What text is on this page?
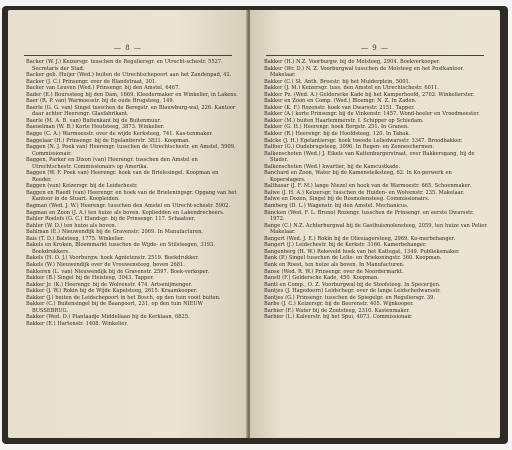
— 8 —
Backer (W. J.) Keizersgr. tusschen de Reguliersgr. en Utrecht-schestr. 5527. Secretaris der Stad.
Backer geb. Huijer (Wed.) buiten de Utrechtschepoort aan het Zandenpad, 42.
Backer (J. C.) Prinsengr. over de Blandstraat, 301.
Backer van Leuven (Wed.) Prinsengr. bij den Amstel, 6467.
Bader (E.) Bourssteeg bij den Dam, 1669. Kleedermaker en Winkelier, in Lakens.
Baer (R. P. van) Warmoesstr. bij de oude Brugsteeg, 149.
Baerle (G. G. van) Singel tusschen de Beregstr. en Blauwburg-wal, 226. Kantoor daar achter Heerengr. Glasfabrikant.
Baerle (M. A. B. van) Buitenkant bij de Buitenmuur.
Baeuelman (W. B.) Korte Houtsteeg, 3873. Winkelier.
Bagge (C. A.) Warmoesstr. over de wijde Kerksteeg, 741. Kas-tenmaker.
Baggelaar (H.) Prinsengr. bij de Egelantierstr. 3831. Koopman.
Baggen (N. J. Poek van) Heerengr. tusschen de Utrechtschestr. en Amstel, 5909. Commissionair.
Baggen, Parker en Dixon (van) Heerengr. tusschen den Amstel en Utrechtschestr. Commissionairs op Amerika.
Baggen (W. F. Poek van) Heerengr. hoek van de Brielesingel. Koopman en Reeder.
Baggen (van) Keizersgr. bij de Leidschestr.
Baggen en Raedt (van) Heerengr. en hoek van de Brieleningsgr. Opgang van het Kantoor in de Stuart. Koopleiden.
Bagman (Wed. J. W.) Heerengr. tusschen den Amstel en Utrecht-schestr. 5902.
Bagman en Zoon (J. A.) ten huize als boven. Kopliedden en Lakendrecheers.
Bahler Roelofs (G. C.) Elandsgr. bij de Prinsengr. 117. Schaatser.
Bahler (W. D.) ten huize als boven.
Bahlman (E.) Nieuwendijk bij de Gravenstr. 2069. In Manufacturen.
Bais (T. D.) Balsteeg, 1775. Winkelier.
Bakels en Kroken, Bloemmarkt tusschen de Wijde- en Stilsteegen, 3193. Boekdrukkers.
Bakels (H. O. J.) Voorburgw. hoek Agnietenstr. 2519. Boekdrukker.
Bakels (W.) Nieuwendijk over de Vrouwensteeg, boven 2681.
Bakkeren (L. van) Nieuwendijk bij de Gravenstr. 2597. Boek-verkoper.
Bakker (B.) Singel bij de Heisteeg, 3043. Tapper.
Bakker Jr. (K.) Heerengr. bij de Wolvenstr. 474. Artsenijmenger.
Bakker (J. W.) Rokin bij de Wijde Kapelsteeg, 2615. Kraamkooper.
Bakker (J.) buiten de Leidschepoort in het Bosch, op den tuin vooit buiten.
Bakker (C.) Buitensingel bij de Baanpoort, 231, op den tuin NIEUW BUSSEBRUG.
Bakker (Wed. D.) Plantaadje Middellaan bij de Kerklaan, 6825.
Bakker (E.) Hartenstr. 1408. Winkelier.
— 9 —
Bakker (H.) N.Z. Voorburgw. bij de Molsteeg, 2904. Boekverkooper.
Bakker (Wr. D.) N. Z. Voorburgwal tusschen de Molsteeg en het Postkantoor. Makelaar.
Bakker (C.) St. Anth. Breestr. bij het Muiderplein, 5001.
Bakker (J. M.) Keizersgr. tuss. den Amstel en Utrechtschestr. 6011.
Bakker Pz. (Wed. A.) Gelderscke Kade bij het Kamperhoofd, 2702. Winkelierster.
Bakker en Zoon en Comp. (Wed.) Bloemgr. N. Z. In Zaden.
Bakker (K. F.) Rozenstr. hoek van Dwarsstr. 2151. Tapper.
Bakker (A.) korte Prinsengr. bij de Vinkenstr. 1457. Wond-heeler en Vroedmeester.
Bakker (M.) buiten Haarlemmerstr. I. Schipper op Schiedam.
Bakker (G. H.) Heerengr. hoek Bergstr. 251. In Granen.
Bakker (R.) Heerengr. bij de Hoofdsteeg, 120. In Tabak.
Balcke (J. H.) Egelantiersgr. hoek tweede Leliedwarsstr. 3347. Broodbakker.
Balfoer (G.) Oudebrugsteeg, 3096. In Regen- en Zonneschermen.
Balkenschoten (Wed.) J. Eikels van Kattenburgerstraat, over Bakkersgang, bij de Stadsr.
Balkenschoten (Wed.) kwartier, bij de Kamcustkade.
Banchard en Zoon, Water bij de Kamensteiksteeg, 62. In Ko-perwerk en Koperslagers.
Balthasar (J. F. M.) lange Niezel en hoek van de Warmoestr. 665. Schoenmaker.
Balwe (J. H. A.) Keizersgr. tusschen de Huiden- en Wolvenstr. 235. Makelaar.
Balwe en Dozen, Singel bij de Rosmolensteeg. Commissionairs.
Bamberg (D. L.) Wagenstr. bij den Amstel. Mechanicus.
Bäncken (Wed. F. L. Bruno) Rozengr. tusschen de Prinsengr. en eerste Dwarsstr. 1972.
Bange (C.) N.Z. Achterburgwal bij de Gasthuismolensteeg, 2059, ten huize van Pelier. Makelaar.
Bangert (Wed. J. E.) Rokin bij de Oliesiagersteeg, 2969. Ko-merbehanger.
Bangert (J.) Leidschestr. bij de Kerkstr. 3166. Kamerbehanger.
Bangenberg (H. W.) Rekeveld hoek van het Kattegat, 1349. Publieksmaker.
Bank (P.) Singel tusschen de Lelie- en Briekoningstr. 360. Koopman.
Bank en Roest, ten huize als boven. In Manufacturen.
Banse (Wed. R. W.) Prinsengr. over de Noordermarkt.
Banstl (F.) Geldersche Kade, 450. Koopman.
Bantl en Comp., O. Z. Voorburgwal bij de Stoofsteeg. In Specerijen.
Bantjes (J. Hagedoorn) Leidschegr. over de lange Leidschedwarsstr.
Bantjes (G.) Prinsengr. tusschen de Spiegelgr. en Reguliersgr. 39.
Barbe (J. C.) Keizersgr. bij de Beerenstr. 405. Wijnkooper.
Barbier (F.) Water bij de Zoutsteeg, 2310. Kastenmaker.
Barbier (L.) Kalverstr. bij het Spui, 4073. Commissionair.
